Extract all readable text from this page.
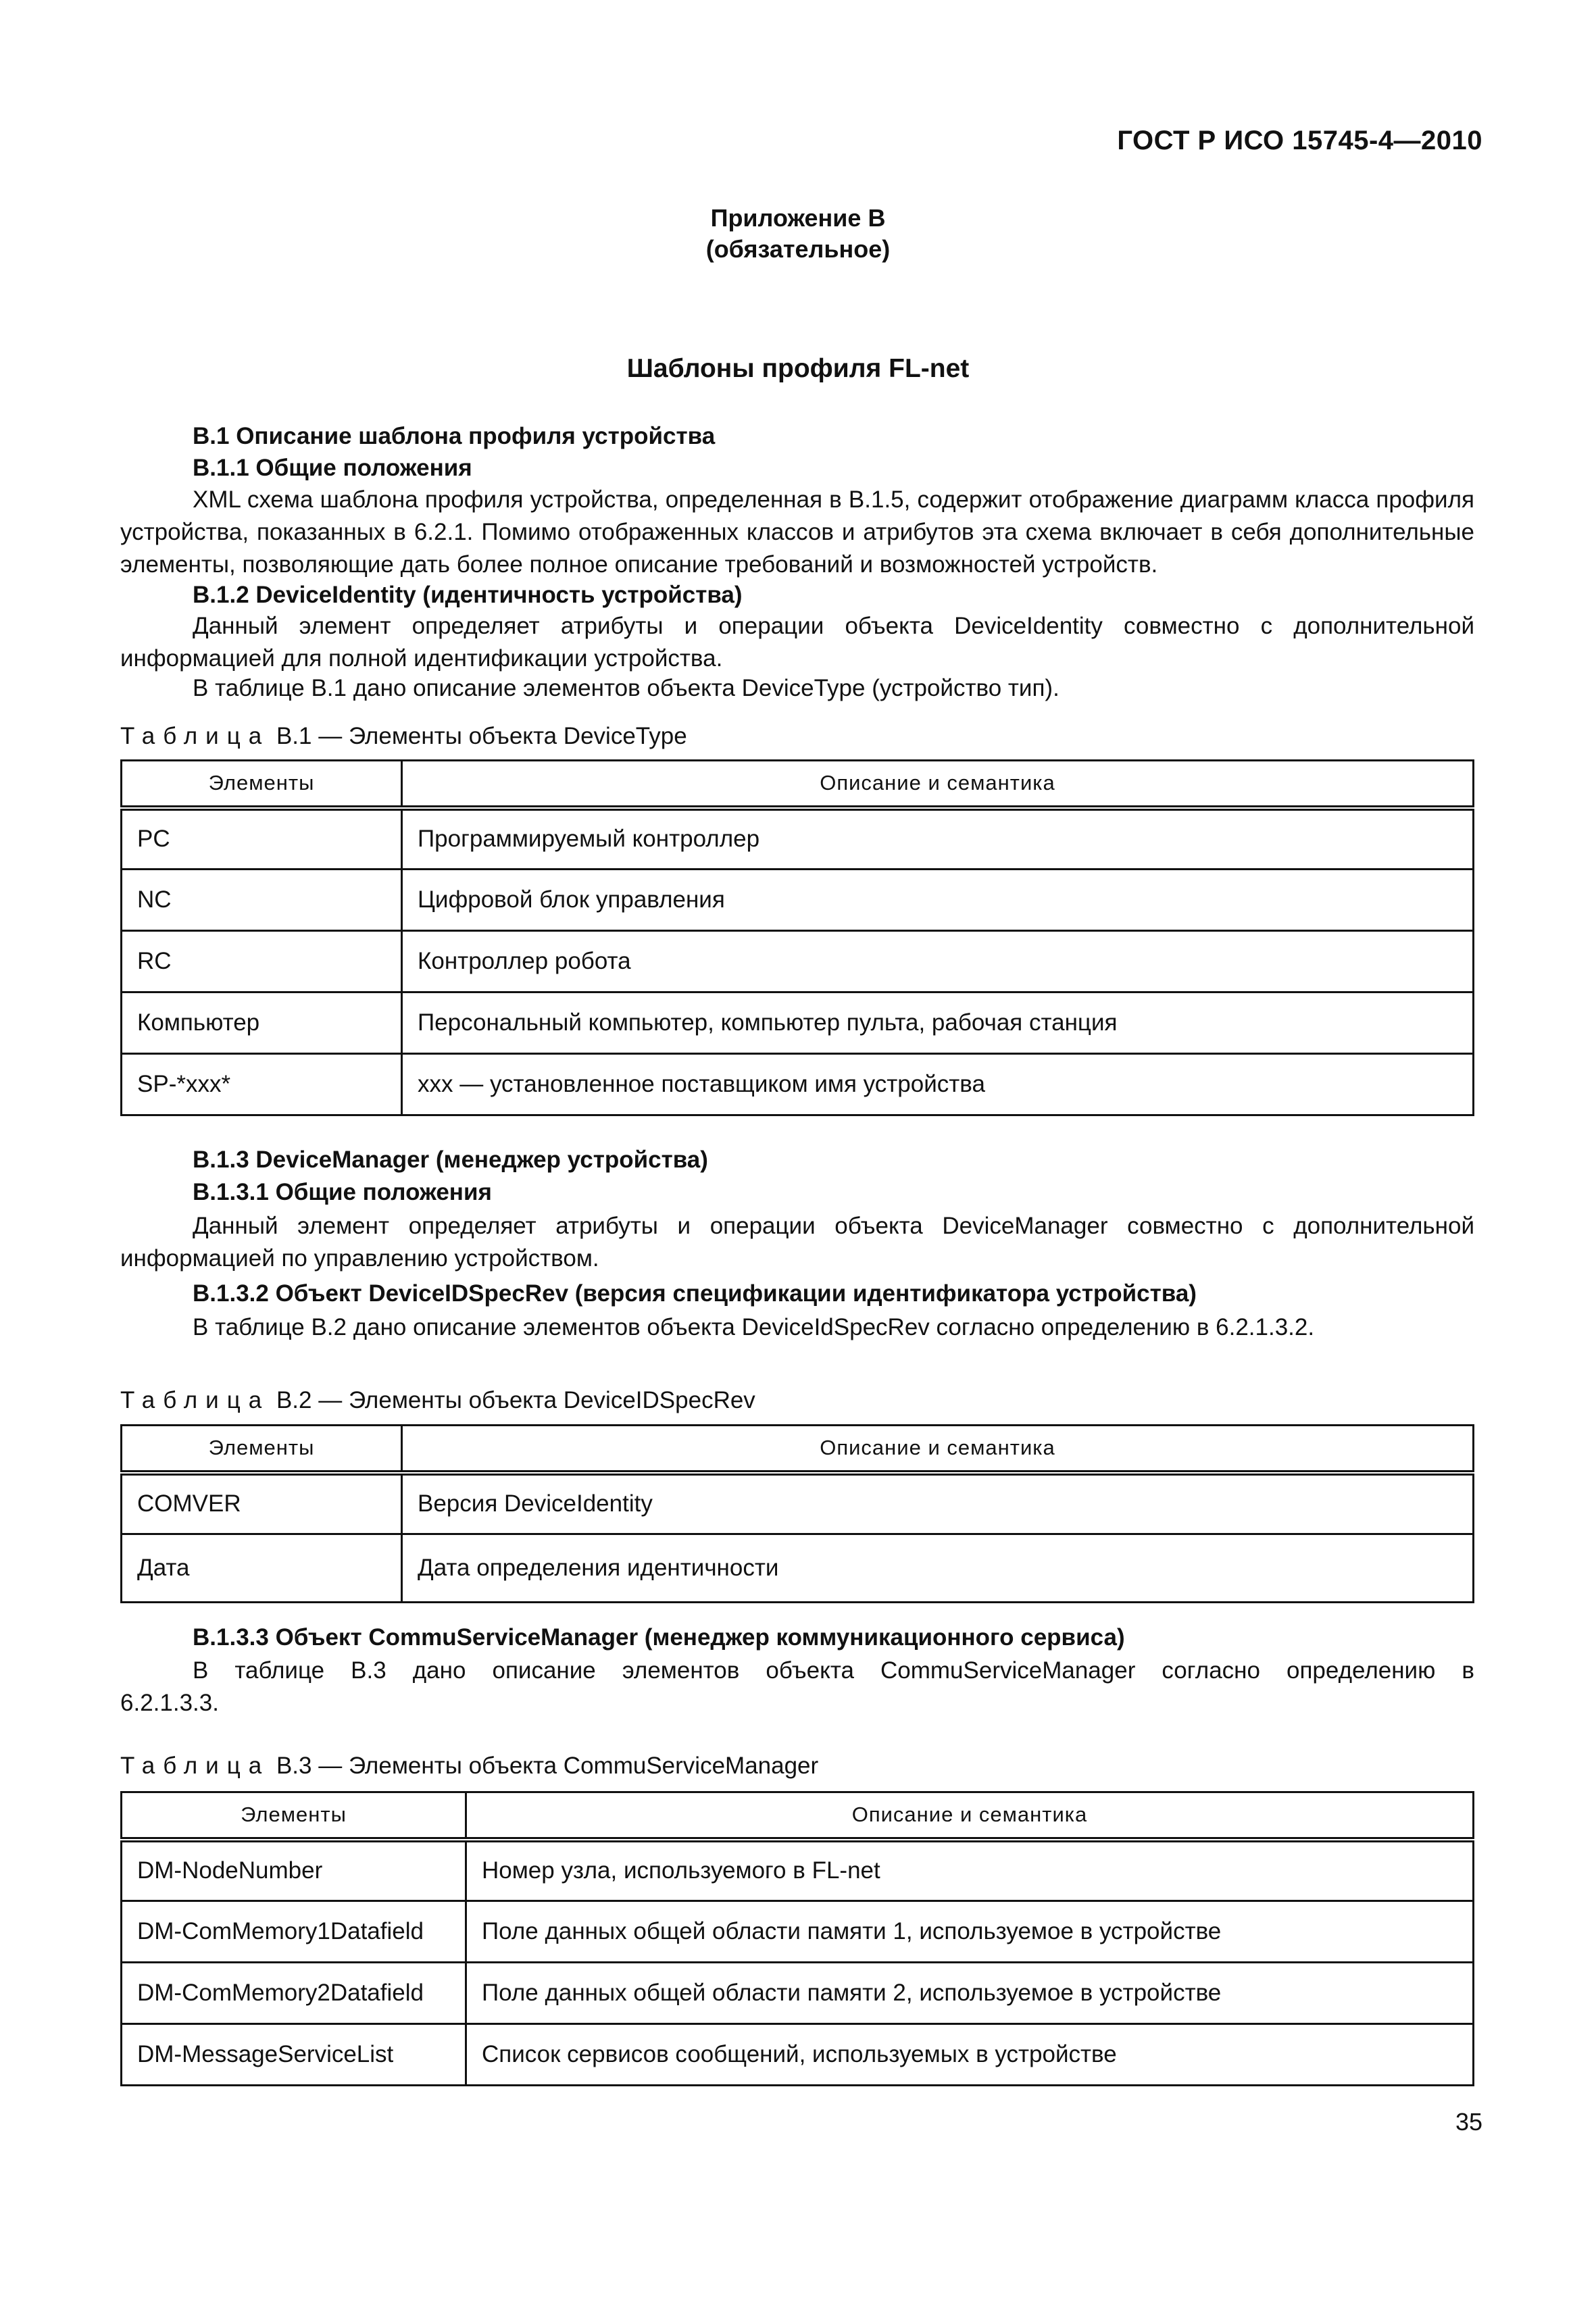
ГОСТ Р ИСО 15745-4—2010
Приложение В
(обязательное)
Шаблоны профиля FL-net
В.1 Описание шаблона профиля устройства
В.1.1 Общие положения
XML схема шаблона профиля устройства, определенная в В.1.5, содержит отображение диаграмм класса профиля устройства, показанных в 6.2.1. Помимо отображенных классов и атрибутов эта схема включает в себя дополнительные элементы, позволяющие дать более полное описание требований и возможностей устройств.
В.1.2 DeviceIdentity (идентичность устройства)
Данный элемент определяет атрибуты и операции объекта DeviceIdentity совместно с дополнительной информацией для полной идентификации устройства.
В таблице В.1 дано описание элементов объекта DeviceType (устройство тип).
Таблица В.1 — Элементы объекта DeviceType
Элементы	Описание и семантика
PC	Программируемый контроллер
NC	Цифровой блок управления
RC	Контроллер робота
Компьютер	Персональный компьютер, компьютер пульта, рабочая станция
SP-*xxx*	xxx — установленное поставщиком имя устройства
В.1.3 DeviceManager (менеджер устройства)
В.1.3.1 Общие положения
Данный элемент определяет атрибуты и операции объекта DeviceManager совместно с дополнительной информацией по управлению устройством.
В.1.3.2 Объект DeviceIDSpecRev (версия спецификации идентификатора устройства)
В таблице В.2 дано описание элементов объекта DeviceIdSpecRev согласно определению в 6.2.1.3.2.
Таблица В.2 — Элементы объекта DeviceIDSpecRev
Элементы	Описание и семантика
COMVER	Версия DeviceIdentity
Дата	Дата определения идентичности
В.1.3.3 Объект CommuServiceManager (менеджер коммуникационного сервиса)
В таблице В.3 дано описание элементов объекта CommuServiceManager согласно определению в 6.2.1.3.3.
Таблица В.3 — Элементы объекта CommuServiceManager
Элементы	Описание и семантика
DM-NodeNumber	Номер узла, используемого в FL-net
DM-ComMemory1Datafield	Поле данных общей области памяти 1, используемое в устройстве
DM-ComMemory2Datafield	Поле данных общей области памяти 2, используемое в устройстве
DM-MessageServiceList	Список сервисов сообщений, используемых в устройстве
35
